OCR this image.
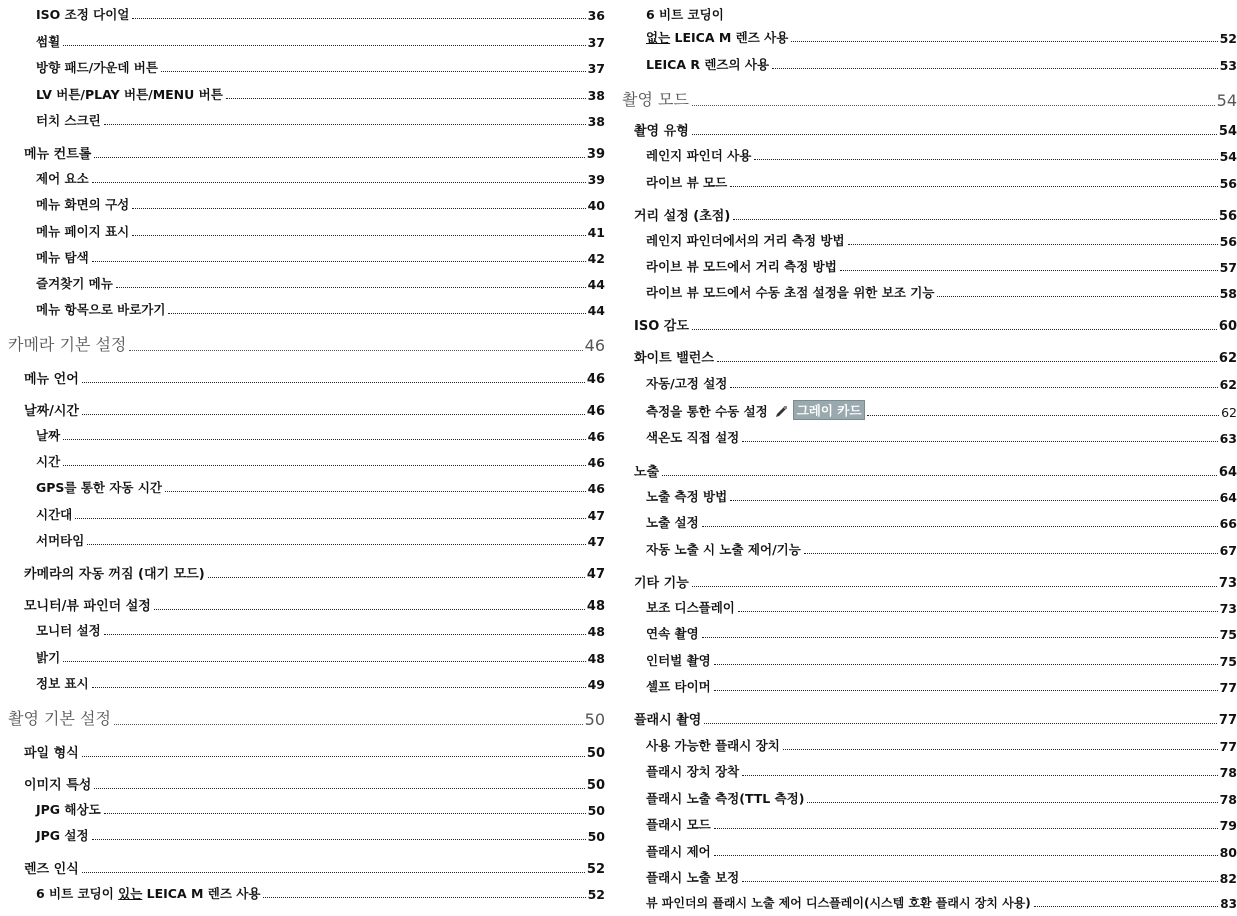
ISO 조정 다이얼	36
썸휠	37
방향 패드/가운데 버튼	37
LV 버튼/PLAY 버튼/MENU 버튼	38
터치 스크린	38
메뉴 컨트롤	39
제어 요소	39
메뉴 화면의 구성	40
메뉴 페이지 표시	41
메뉴 탐색	42
즐겨찾기 메뉴	44
메뉴 항목으로 바로가기	44
카메라 기본 설정	46
메뉴 언어	46
날짜/시간	46
날짜	46
시간	46
GPS를 통한 자동 시간	46
시간대	47
서머타임	47
카메라의 자동 꺼짐 (대기 모드)	47
모니터/뷰 파인더 설정	48
모니터 설정	48
밝기	48
정보 표시	49
촬영 기본 설정	50
파일 형식	50
이미지 특성	50
JPG 해상도	50
JPG 설정	50
렌즈 인식	52
6 비트 코딩이 있는 LEICA M 렌즈 사용	52
6 비트 코딩이
없는 LEICA M 렌즈 사용	52
LEICA R 렌즈의 사용	53
촬영 모드	54
촬영 유형	54
레인지 파인더 사용	54
라이브 뷰 모드	56
거리 설정 (초점)	56
레인지 파인더에서의 거리 측정 방법	56
라이브 뷰 모드에서 거리 측정 방법	57
라이브 뷰 모드에서 수동 초점 설정을 위한 보조 기능	58
ISO 감도	60
화이트 밸런스	62
자동/고정 설정	62
측정을 통한 수동 설정	그레이 카드	62
색온도 직접 설정	63
노출	64
노출 측정 방법	64
노출 설정	66
자동 노출 시 노출 제어/기능	67
기타 기능	73
보조 디스플레이	73
연속 촬영	75
인터벌 촬영	75
셀프 타이머	77
플래시 촬영	77
사용 가능한 플래시 장치	77
플래시 장치 장착	78
플래시 노출 측정(TTL 측정)	78
플래시 모드	79
플래시 제어	80
플래시 노출 보정	82
뷰 파인더의 플래시 노출 제어 디스플레이(시스템 호환 플래시 장치 사용)	83
